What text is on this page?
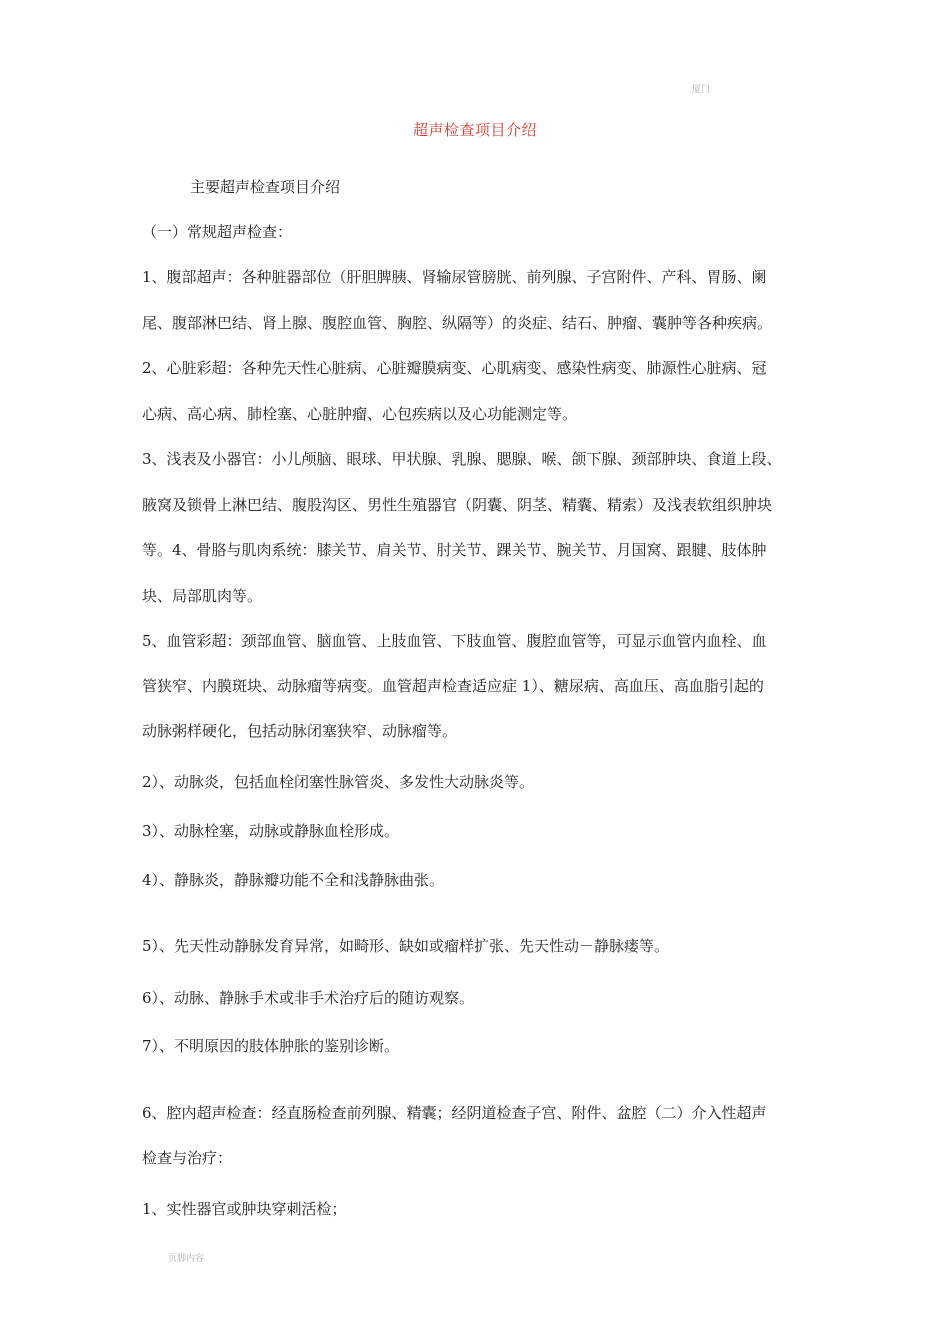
厦门
超声检查项目介绍

主要超声检查项目介绍

（一）常规超声检查：

1、腹部超声：各种脏器部位（肝胆脾胰、肾输尿管膀胱、前列腺、子宫附件、产科、胃肠、阑

尾、腹部淋巴结、肾上腺、腹腔血管、胸腔、纵隔等）的炎症、结石、肿瘤、囊肿等各种疾病。

2、心脏彩超：各种先天性心脏病、心脏瓣膜病变、心肌病变、感染性病变、肺源性心脏病、冠

心病、高心病、肺栓塞、心脏肿瘤、心包疾病以及心功能测定等。

3、浅表及小器官：小儿颅脑、眼球、甲状腺、乳腺、腮腺、喉、颌下腺、颈部肿块、食道上段、

腋窝及锁骨上淋巴结、腹股沟区、男性生殖器官（阴囊、阴茎、精囊、精索）及浅表软组织肿块

等。4、骨胳与肌肉系统：膝关节、肩关节、肘关节、踝关节、腕关节、月国窝、跟腱、肢体肿

块、局部肌肉等。

5、血管彩超：颈部血管、脑血管、上肢血管、下肢血管、腹腔血管等，可显示血管内血栓、血

管狭窄、内膜斑块、动脉瘤等病变。血管超声检查适应症 1）、糖尿病、高血压、高血脂引起的

动脉粥样硬化，包括动脉闭塞狭窄、动脉瘤等。

2）、动脉炎，包括血栓闭塞性脉管炎、多发性大动脉炎等。

3）、动脉栓塞，动脉或静脉血栓形成。

4）、静脉炎，静脉瓣功能不全和浅静脉曲张。

5）、先天性动静脉发育异常，如畸形、缺如或瘤样扩张、先天性动－静脉瘘等。

6）、动脉、静脉手术或非手术治疗后的随访观察。

7）、不明原因的肢体肿胀的鉴别诊断。

6、腔内超声检查：经直肠检查前列腺、精囊；经阴道检查子宫、附件、盆腔（二）介入性超声

检查与治疗：

1、实性器官或肿块穿刺活检；

页脚内容
